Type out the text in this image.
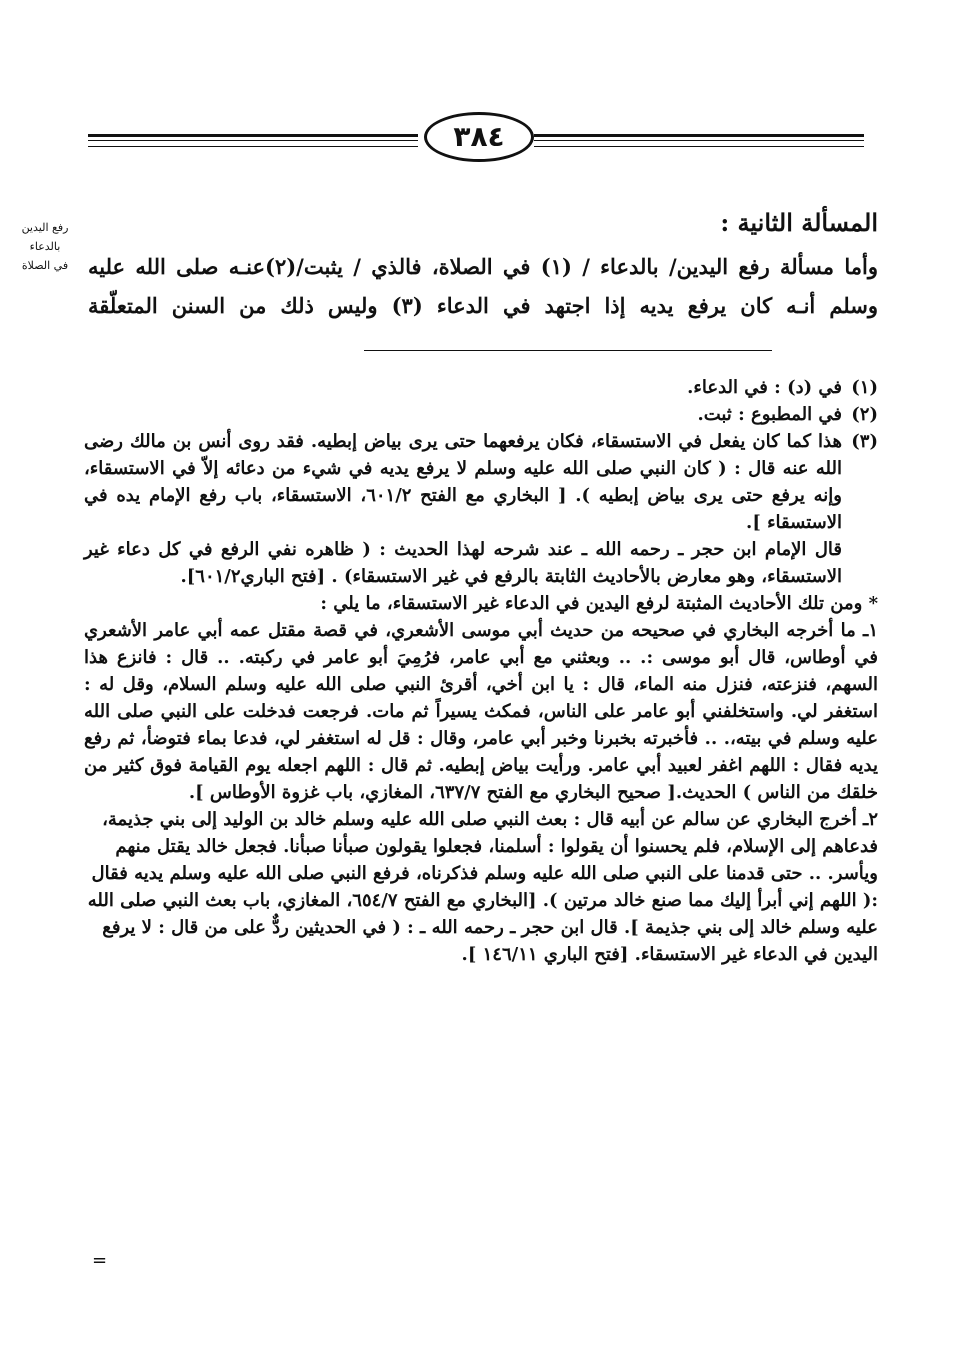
٣٨٤
رفع اليدين
بالدعاء
في الصلاة
المسألة الثانية :

وأما مسألة رفع اليدين/ بالدعاء / (١) في الصلاة، فالذي / يثبت/(٢)عنـه صلى الله عليه وسلم أنـه كان يرفع يديه إذا اجتهد في الدعاء (٣) وليس ذلك من السنن المتعلّقة

(١)
في (د) : في الدعاء.
(٢)
في المطبوع : ثبت.
(٣)
هذا كما كان يفعل في الاستسقاء، فكان يرفعهما حتى يرى بياض إبطيه. فقد روى أنس بن مالك رضى الله عنه قال : ( كان النبي صلى الله عليه وسلم لا يرفع يديه في شيء من دعائه إلاّ في الاستسقاء، وإنه يرفع حتى يرى بياض إبطيه ). [ البخاري مع الفتح ٦٠١/٢، الاستسقاء، باب رفع الإمام يده في الاستسقاء ].

قال الإمام ابن حجر ـ رحمه الله ـ عند شرحه لهذا الحديث : ( ظاهره نفي الرفع في كل دعاء غير الاستسقاء، وهو معارض بالأحاديث الثابتة بالرفع في غير الاستسقاء) . [فتح الباري٦٠١/٢].

* ومن تلك الأحاديث المثبتة لرفع اليدين في الدعاء غير الاستسقاء، ما يلي :

١ـ ما أخرجه البخاري في صحيحه من حديث أبي موسى الأشعري، في قصة مقتل عمه أبي عامر الأشعري في أوطاس، قال أبو موسى :. .. وبعثني مع أبي عامر، فرُمِيَ أبو عامر في ركبته. .. قال : فانزع هذا السهم، فنزعته، فنزل منه الماء، قال : يا ابن أخي، أقرئ النبي صلى الله عليه وسلم السلام، وقل له : استغفر لي. واستخلفني أبو عامر على الناس، فمكث يسيراً ثم مات. فرجعت فدخلت على النبي صلى الله عليه وسلم في بيته،. .. فأخبرته بخبرنا وخبر أبي عامر، وقال : قل له استغفر لي، فدعا بماء فتوضأ، ثم رفع يديه فقال : اللهم اغفر لعبيد أبي عامر. ورأيت بياض إبطيه. ثم قال : اللهم اجعله يوم القيامة فوق كثير من خلقك من الناس ) الحديث.[ صحيح البخاري مع الفتح ٦٣٧/٧، المغازي، باب غزوة الأوطاس ].

٢ـ أخرج البخاري عن سالم عن أبيه قال : بعث النبي صلى الله عليه وسلم خالد بن الوليد إلى بني جذيمة، فدعاهم إلى الإسلام، فلم يحسنوا أن يقولوا : أسلمنا، فجعلوا يقولون صبأنا صبأنا. فجعل خالد يقتل منهم ويأسر. .. حتى قدمنا على النبي صلى الله عليه وسلم فذكرناه، فرفع النبي صلى الله عليه وسلم يديه فقال :( اللهم إني أبرأ إليك مما صنع خالد مرتين ). [البخاري مع الفتح ٦٥٤/٧، المغازي، باب بعث النبي صلى الله عليه وسلم خالد إلى بني جذيمة ]. قال ابن حجر ـ رحمه الله ـ : ( في الحديثين ردٌّ على من قال : لا يرفع اليدين في الدعاء غير الاستسقاء. [فتح الباري ١٤٦/١١ ].

=
